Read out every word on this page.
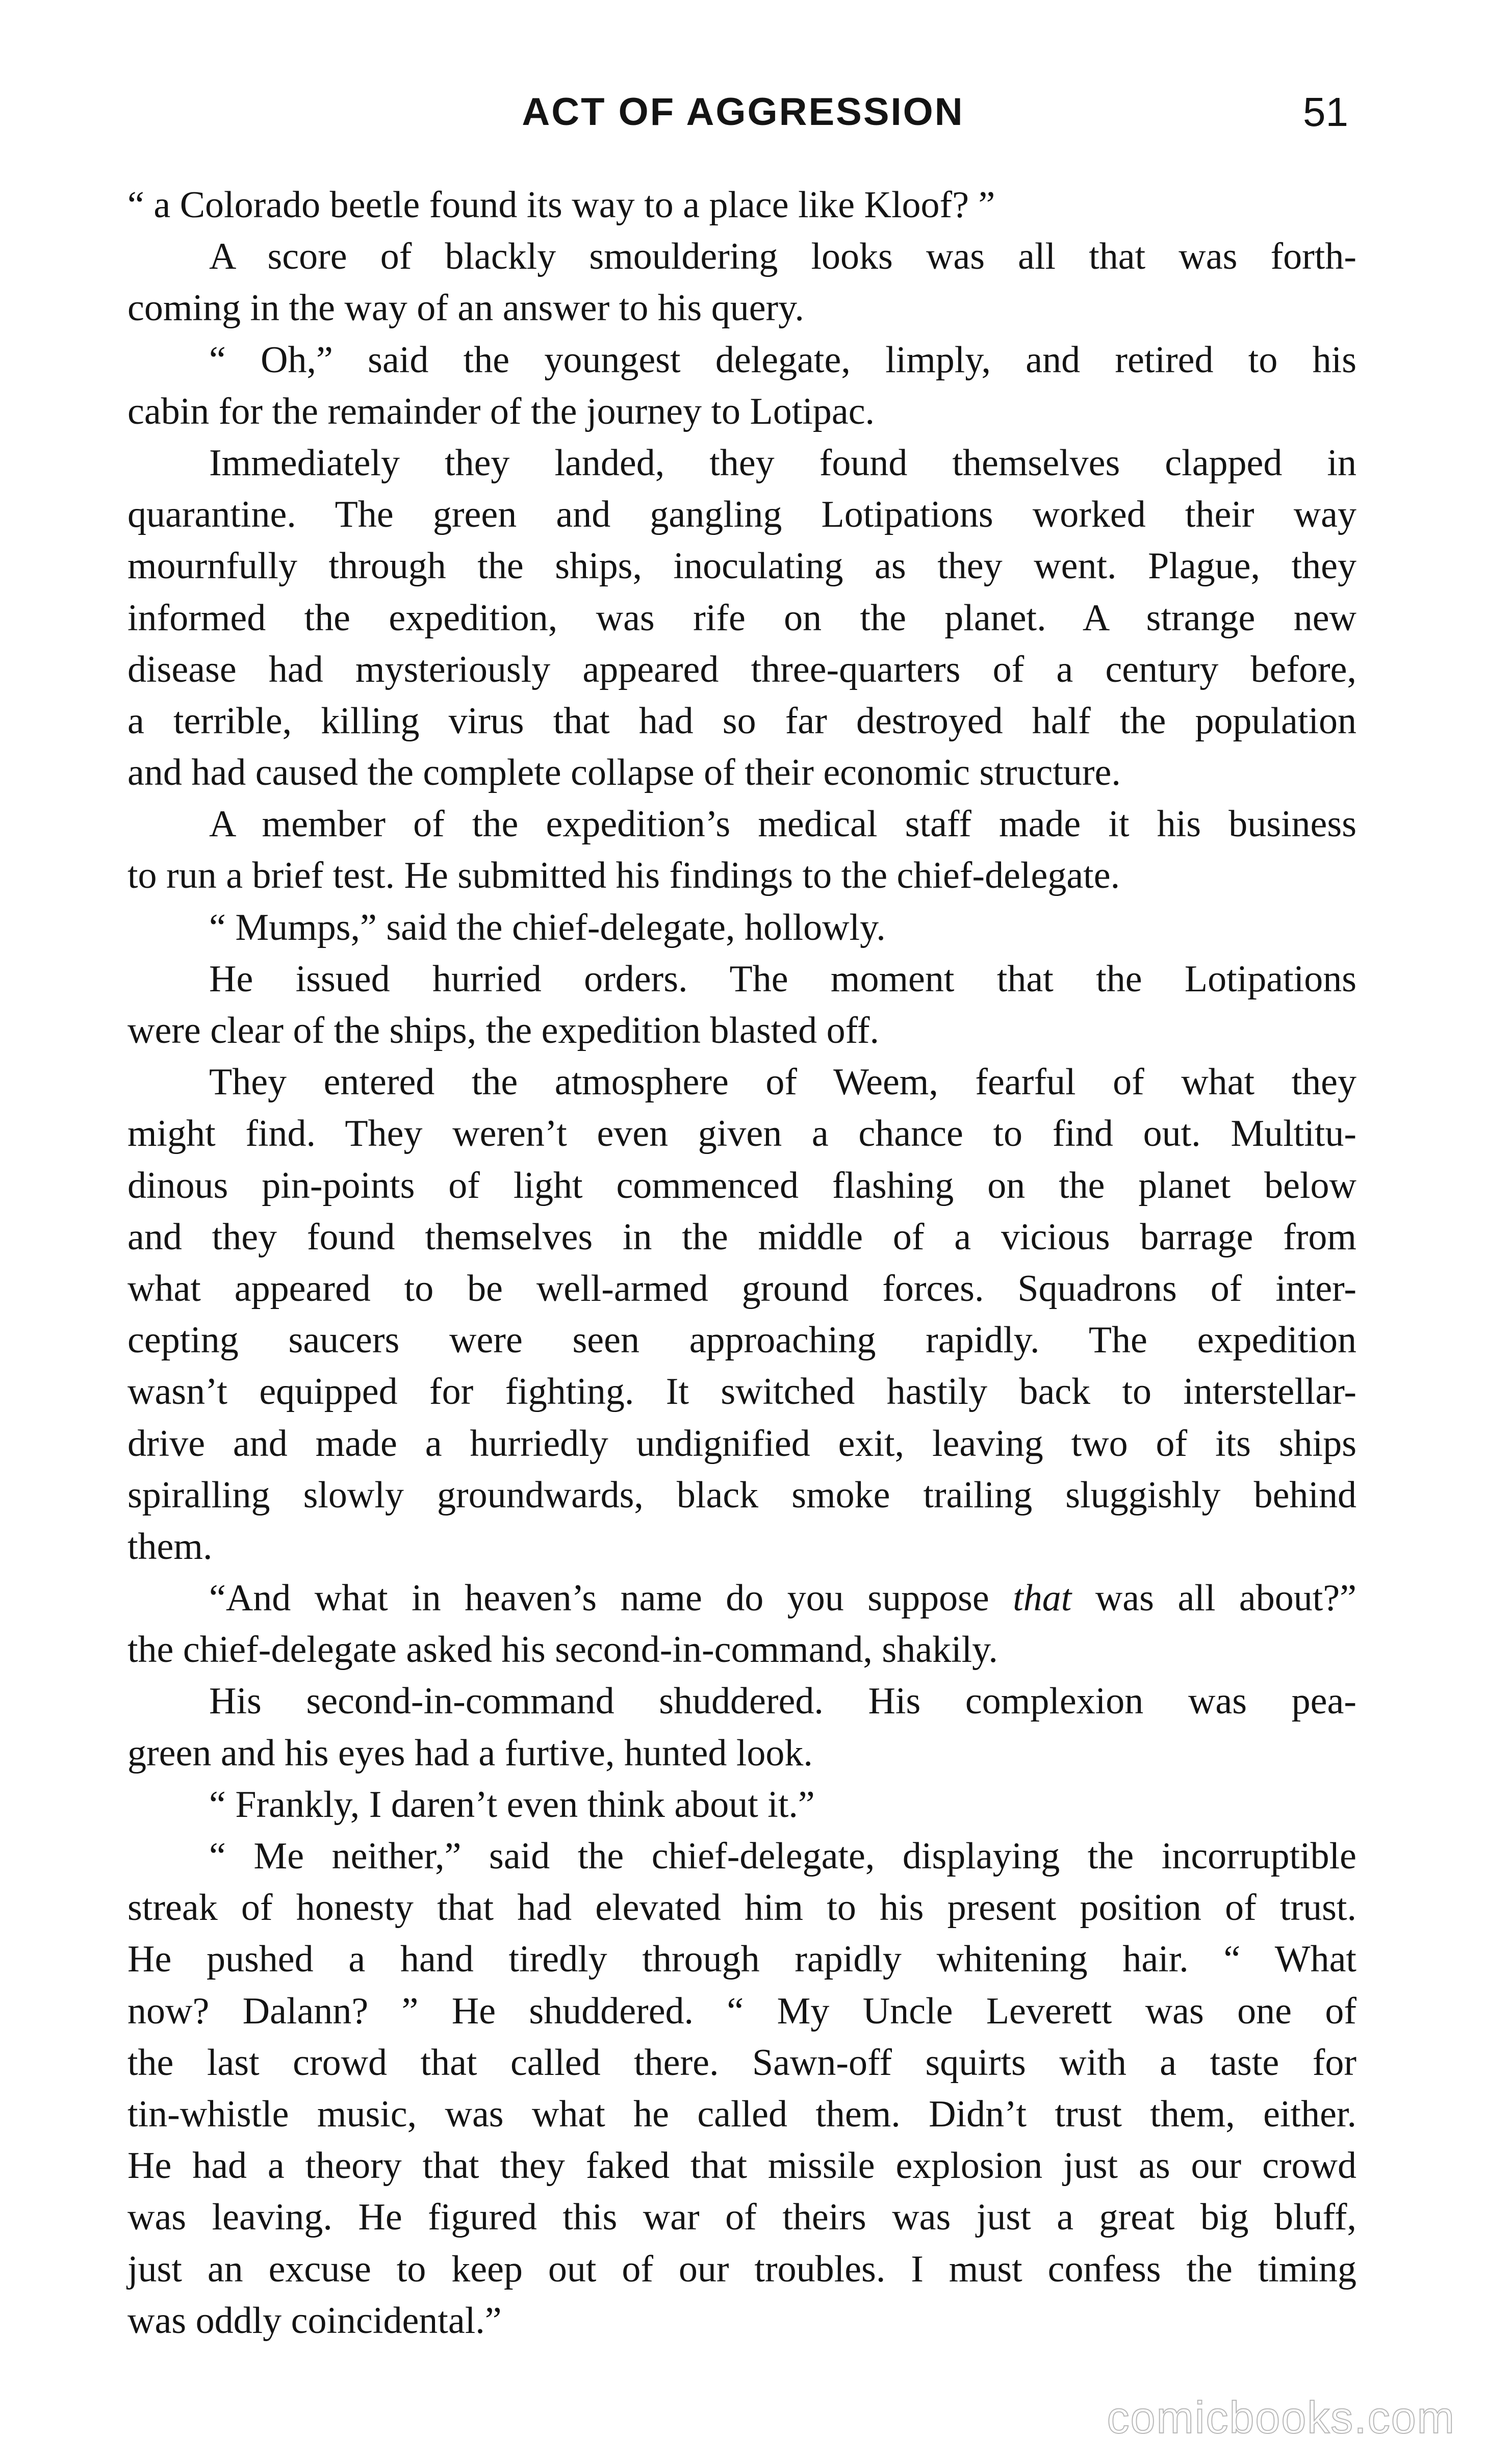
ACT OF AGGRESSION	51
“ a Colorado beetle found its way to a place like Kloof? ”
A score of blackly smouldering looks was all that was forth-
coming in the way of an answer to his query.
“ Oh,” said the youngest delegate, limply, and retired to his
cabin for the remainder of the journey to Lotipac.
Immediately they landed, they found themselves clapped in
quarantine. The green and gangling Lotipations worked their way
mournfully through the ships, inoculating as they went. Plague, they
informed the expedition, was rife on the planet. A strange new
disease had mysteriously appeared three-quarters of a century before,
a terrible, killing virus that had so far destroyed half the population
and had caused the complete collapse of their economic structure.
A member of the expedition’s medical staff made it his business
to run a brief test. He submitted his findings to the chief-delegate.
“ Mumps,” said the chief-delegate, hollowly.
He issued hurried orders. The moment that the Lotipations
were clear of the ships, the expedition blasted off.
They entered the atmosphere of Weem, fearful of what they
might find. They weren’t even given a chance to find out. Multitu-
dinous pin-points of light commenced flashing on the planet below
and they found themselves in the middle of a vicious barrage from
what appeared to be well-armed ground forces. Squadrons of inter-
cepting saucers were seen approaching rapidly. The expedition
wasn’t equipped for fighting. It switched hastily back to interstellar-
drive and made a hurriedly undignified exit, leaving two of its ships
spiralling slowly groundwards, black smoke trailing sluggishly behind
them.
“And what in heaven’s name do you suppose that was all about?”
the chief-delegate asked his second-in-command, shakily.
His second-in-command shuddered. His complexion was pea-
green and his eyes had a furtive, hunted look.
“ Frankly, I daren’t even think about it.”
“ Me neither,” said the chief-delegate, displaying the incorruptible
streak of honesty that had elevated him to his present position of trust.
He pushed a hand tiredly through rapidly whitening hair. “ What
now? Dalann? ” He shuddered. “ My Uncle Leverett was one of
the last crowd that called there. Sawn-off squirts with a taste for
tin-whistle music, was what he called them. Didn’t trust them, either.
He had a theory that they faked that missile explosion just as our crowd
was leaving. He figured this war of theirs was just a great big bluff,
just an excuse to keep out of our troubles. I must confess the timing
was oddly coincidental.”
comicbooks.com
